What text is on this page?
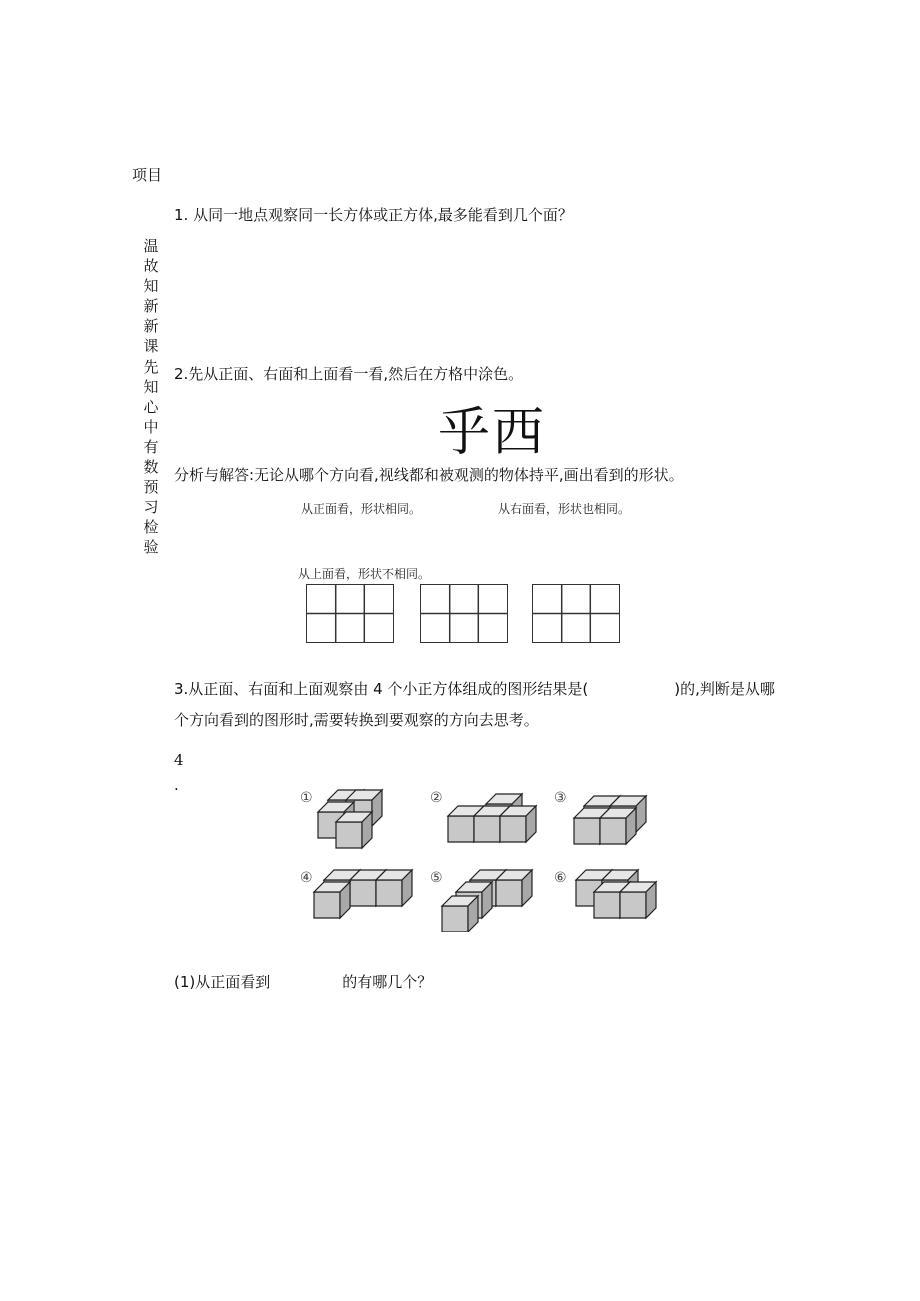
项目
温
故
知
新
新
课
先
知
心
中
有
数
预
习
检
验
1. 从同一地点观察同一长方体或正方体,最多能看到几个面？
2.先从正面、右面和上面看一看,然后在方格中涂色。
乎西
分析与解答:无论从哪个方向看,视线都和被观测的物体持平,画出看到的形状。
从正面看，形状相同。	从右面看，形状也相同。
从上面看，形状不相同。
3.从正面、右面和上面观察由 4 个小正方体组成的图形结果是(	)的,判断是从哪
个方向看到的图形时,需要转换到要观察的方向去思考。
4
.
①	②	③
④	⑤	⑥
(1)从正面看到	的有哪几个？
